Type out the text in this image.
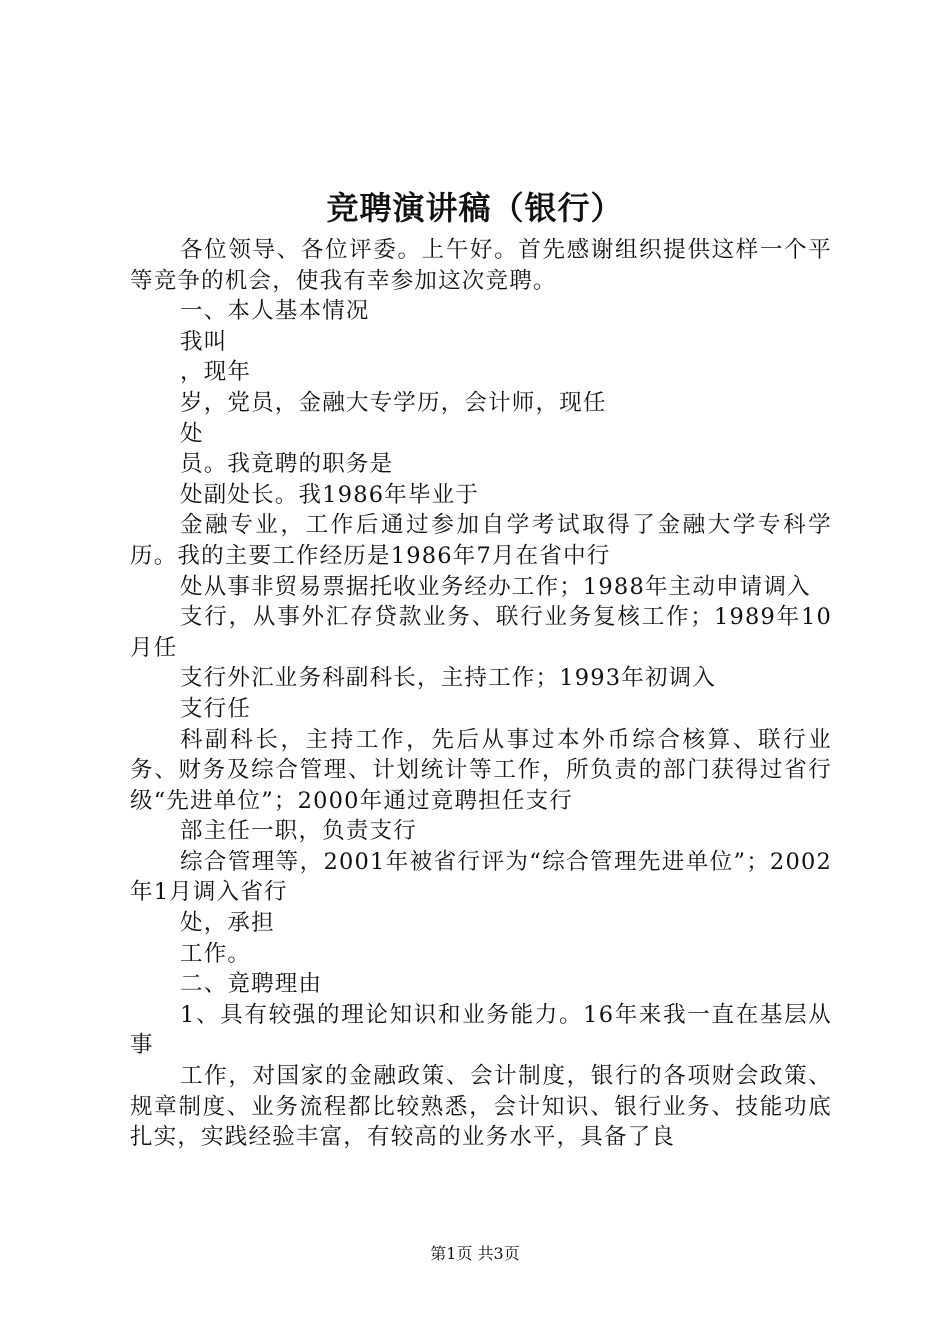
竞聘演讲稿（银行）

各位领导、各位评委。上午好。首先感谢组织提供这样一个平等竞争的机会，使我有幸参加这次竞聘。

一、本人基本情况

我叫

，现年

岁，党员，金融大专学历，会计师，现任

处

员。我竟聘的职务是

处副处长。我1986年毕业于

金融专业，工作后通过参加自学考试取得了金融大学专科学历。我的主要工作经历是1986年7月在省中行

处从事非贸易票据托收业务经办工作；1988年主动申请调入

支行，从事外汇存贷款业务、联行业务复核工作；1989年10月任

支行外汇业务科副科长，主持工作；1993年初调入

支行任

科副科长，主持工作，先后从事过本外币综合核算、联行业务、财务及综合管理、计划统计等工作，所负责的部门获得过省行级“先进单位”；2000年通过竟聘担任支行

部主任一职，负责支行

综合管理等，2001年被省行评为“综合管理先进单位”；2002年1月调入省行

处，承担

工作。

二、竟聘理由

1、具有较强的理论知识和业务能力。16年来我一直在基层从事

工作，对国家的金融政策、会计制度，银行的各项财会政策、规章制度、业务流程都比较熟悉，会计知识、银行业务、技能功底扎实，实践经验丰富，有较高的业务水平，具备了良

第1页 共3页
